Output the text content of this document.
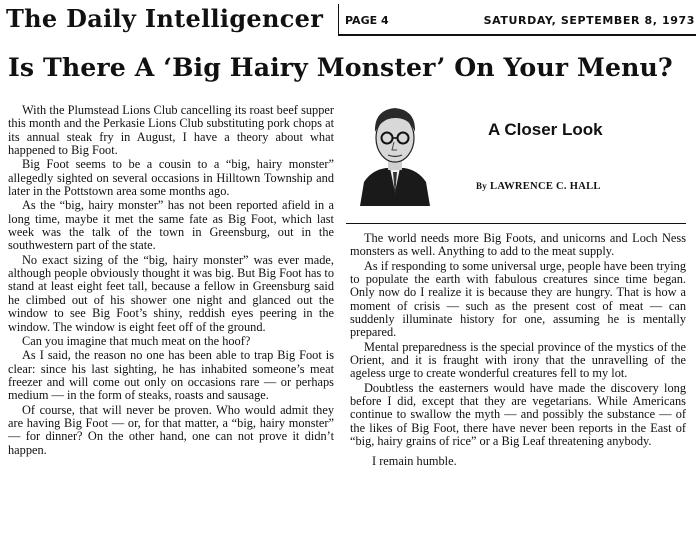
The Daily Intelligencer	PAGE 4	SATURDAY, SEPTEMBER 8, 1973
Is There A ‘Big Hairy Monster’ On Your Menu?

With the Plumstead Lions Club cancelling its roast beef supper this month and the Perkasie Lions Club substituting pork chops at its annual steak fry in August, I have a theory about what happened to Big Foot.

Big Foot seems to be a cousin to a “big, hairy monster” allegedly sighted on several occasions in Hilltown Township and later in the Pottstown area some months ago.

As the “big, hairy monster” has not been reported afield in a long time, maybe it met the same fate as Big Foot, which last week was the talk of the town in Greensburg, out in the southwestern part of the state.

No exact sizing of the “big, hairy monster” was ever made, although people obviously thought it was big. But Big Foot has to stand at least eight feet tall, because a fellow in Greensburg said he climbed out of his shower one night and glanced out the window to see Big Foot’s shiny, reddish eyes peering in the window. The window is eight feet off of the ground.

Can you imagine that much meat on the hoof?

As I said, the reason no one has been able to trap Big Foot is clear: since his last sighting, he has inhabited someone’s meat freezer and will come out only on occasions rare — or perhaps medium — in the form of steaks, roasts and sausage.

Of course, that will never be proven. Who would admit they are having Big Foot — or, for that matter, a “big, hairy monster” — for dinner? On the other hand, one can not prove it didn’t happen.

A Closer Look
By LAWRENCE C. HALL

The world needs more Big Foots, and unicorns and Loch Ness monsters as well. Anything to add to the meat supply.

As if responding to some universal urge, people have been trying to populate the earth with fabulous creatures since time began. Only now do I realize it is because they are hungry. That is how a moment of crisis — such as the present cost of meat — can suddenly illuminate history for one, assuming he is mentally prepared.

Mental preparedness is the special province of the mystics of the Orient, and it is fraught with irony that the unravelling of the ageless urge to create wonderful creatures fell to my lot.

Doubtless the easterners would have made the discovery long before I did, except that they are vegetarians. While Americans continue to swallow the myth — and possibly the substance — of the likes of Big Foot, there have never been reports in the East of “big, hairy grains of rice” or a Big Leaf threatening anybody.

I remain humble.
